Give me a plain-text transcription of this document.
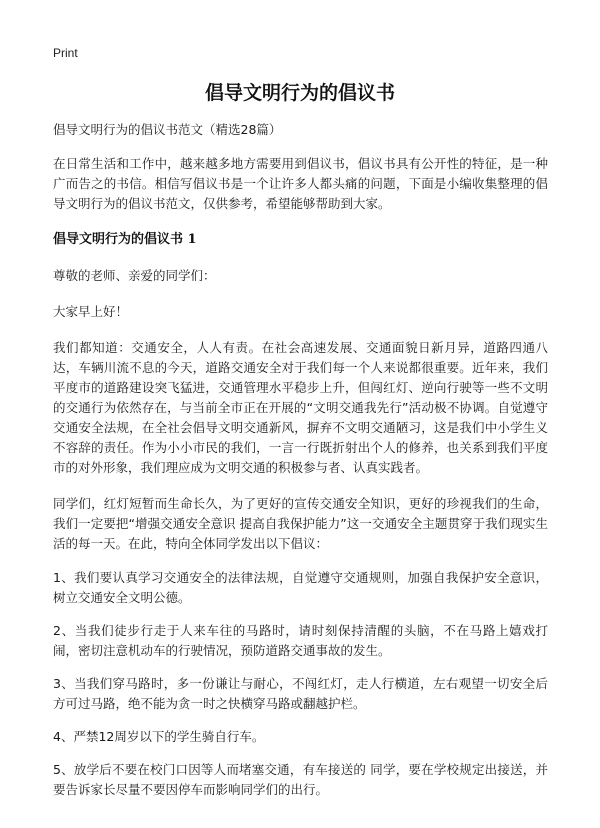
Print
倡导文明行为的倡议书

倡导文明行为的倡议书范文（精选28篇）

在日常生活和工作中，越来越多地方需要用到倡议书，倡议书具有公开性的特征，是一种广而告之的书信。相信写倡议书是一个让许多人都头痛的问题，下面是小编收集整理的倡导文明行为的倡议书范文，仅供参考，希望能够帮助到大家。

倡导文明行为的倡议书 1

尊敬的老师、亲爱的同学们：

大家早上好！

我们都知道：交通安全，人人有责。在社会高速发展、交通面貌日新月异，道路四通八达，车辆川流不息的今天，道路交通安全对于我们每一个人来说都很重要。近年来，我们平度市的道路建设突飞猛进，交通管理水平稳步上升，但闯红灯、逆向行驶等一些不文明的交通行为依然存在，与当前全市正在开展的“文明交通我先行”活动极不协调。自觉遵守交通安全法规，在全社会倡导文明交通新风，摒弃不文明交通陋习，这是我们中小学生义不容辞的责任。作为小小市民的我们，一言一行既折射出个人的修养，也关系到我们平度市的对外形象，我们理应成为文明交通的积极参与者、认真实践者。

同学们，红灯短暂而生命长久，为了更好的宣传交通安全知识，更好的珍视我们的生命，我们一定要把“增强交通安全意识 提高自我保护能力”这一交通安全主题贯穿于我们现实生活的每一天。在此，特向全体同学发出以下倡议：

1、我们要认真学习交通安全的法律法规，自觉遵守交通规则，加强自我保护安全意识，树立交通安全文明公德。

2、当我们徒步行走于人来车往的马路时，请时刻保持清醒的头脑，不在马路上嬉戏打闹，密切注意机动车的行驶情况，预防道路交通事故的发生。

3、当我们穿马路时，多一份谦让与耐心，不闯红灯，走人行横道，左右观望一切安全后方可过马路，绝不能为贪一时之快横穿马路或翻越护栏。

4、严禁12周岁以下的学生骑自行车。

5、放学后不要在校门口因等人而堵塞交通，有车接送的 同学，要在学校规定出接送，并要告诉家长尽量不要因停车而影响同学们的出行。
